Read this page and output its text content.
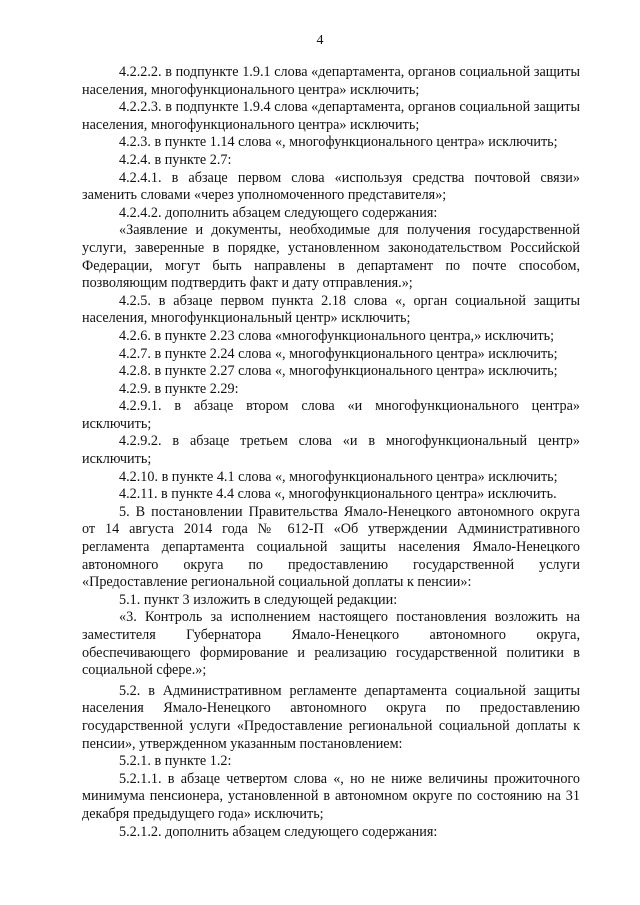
4

4.2.2.2. в подпункте 1.9.1 слова «департамента, органов социальной защиты населения, многофункционального центра» исключить;

4.2.2.3. в подпункте 1.9.4 слова «департамента, органов социальной защиты населения, многофункционального центра» исключить;

4.2.3. в пункте 1.14 слова «, многофункционального центра» исключить;

4.2.4. в пункте 2.7:

4.2.4.1. в абзаце первом слова «используя средства почтовой связи» заменить словами «через уполномоченного представителя»;

4.2.4.2. дополнить абзацем следующего содержания:

«Заявление и документы, необходимые для получения государственной услуги, заверенные в порядке, установленном законодательством Российской Федерации, могут быть направлены в департамент по почте способом, позволяющим подтвердить факт и дату отправления.»;

4.2.5. в абзаце первом пункта 2.18 слова «, орган социальной защиты населения, многофункциональный центр» исключить;

4.2.6. в пункте 2.23 слова «многофункционального центра,» исключить;

4.2.7. в пункте 2.24 слова «, многофункционального центра» исключить;

4.2.8. в пункте 2.27 слова «, многофункционального центра» исключить;

4.2.9. в пункте 2.29:

4.2.9.1. в абзаце втором слова «и многофункционального центра» исключить;

4.2.9.2. в абзаце третьем слова «и в многофункциональный центр» исключить;

4.2.10. в пункте 4.1 слова «, многофункционального центра» исключить;

4.2.11. в пункте 4.4 слова «, многофункционального центра» исключить.

5. В постановлении Правительства Ямало-Ненецкого автономного округа от 14 августа 2014 года № 612-П «Об утверждении Административного регламента департамента социальной защиты населения Ямало-Ненецкого автономного округа по предоставлению государственной услуги «Предоставление региональной социальной доплаты к пенсии»:

5.1. пункт 3 изложить в следующей редакции:

«3. Контроль за исполнением настоящего постановления возложить на заместителя Губернатора Ямало-Ненецкого автономного округа, обеспечивающего формирование и реализацию государственной политики в социальной сфере.»;

5.2. в Административном регламенте департамента социальной защиты населения Ямало-Ненецкого автономного округа по предоставлению государственной услуги «Предоставление региональной социальной доплаты к пенсии», утвержденном указанным постановлением:

5.2.1. в пункте 1.2:

5.2.1.1. в абзаце четвертом слова «, но не ниже величины прожиточного минимума пенсионера, установленной в автономном округе по состоянию на 31 декабря предыдущего года» исключить;

5.2.1.2. дополнить абзацем следующего содержания:
